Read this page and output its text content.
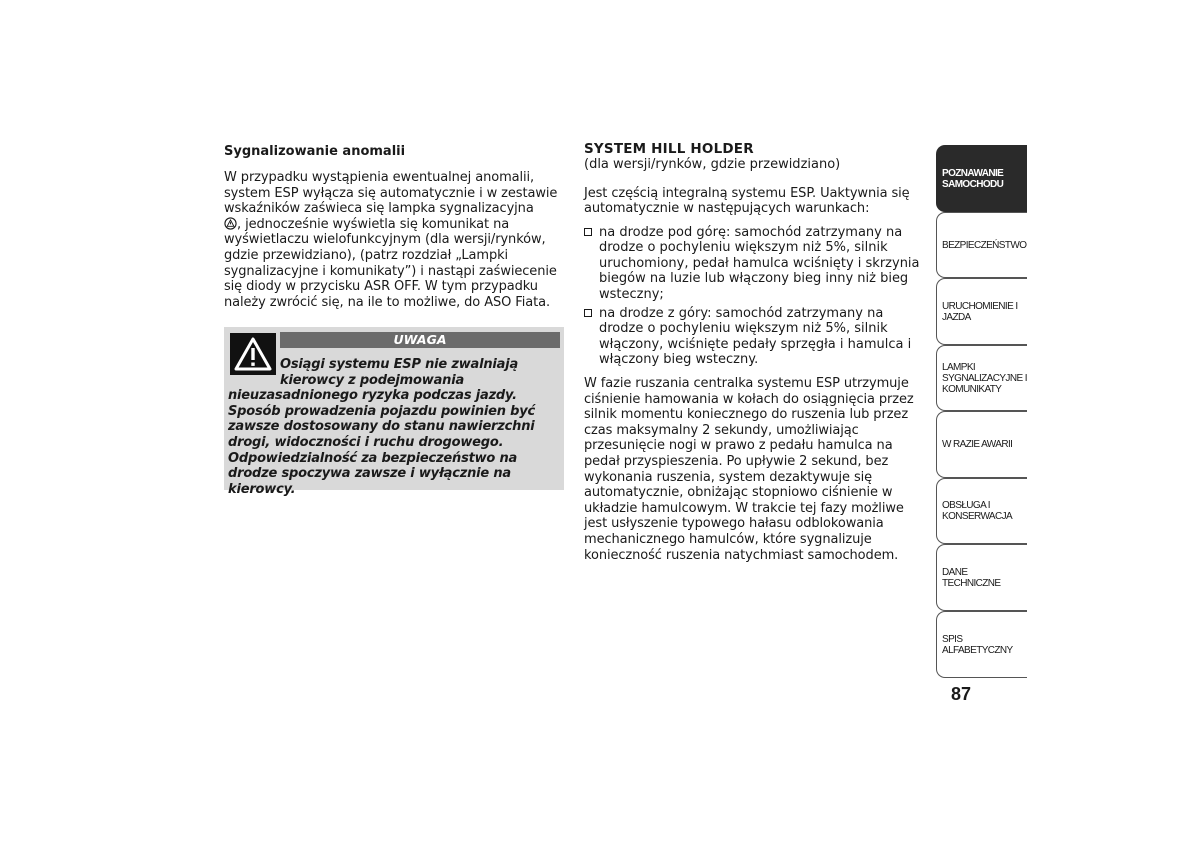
Sygnalizowanie anomalii

W przypadku wystąpienia ewentualnej anomalii, system ESP wyłącza się automatycznie i w zestawie wskaźników zaświeca się lampka sygnalizacyjna
, jednocześnie wyświetla się komunikat na wyświetlaczu wielofunkcyjnym (dla wersji/rynków, gdzie przewidziano), (patrz rozdział „Lampki sygnalizacyjne i komunikaty”) i nastąpi zaświecenie się diody w przycisku ASR OFF. W tym przypadku należy zwrócić się, na ile to możliwe, do ASO Fiata.

UWAGA
Osiągi systemu ESP nie zwalniają
kierowcy z podejmowania
nieuzasadnionego ryzyka podczas jazdy. Sposób prowadzenia pojazdu powinien być zawsze dostosowany do stanu nawierzchni drogi, widoczności i ruchu drogowego. Odpowiedzialność za bezpieczeństwo na drodze spoczywa zawsze i wyłącznie na kierowcy.
SYSTEM HILL HOLDER
(dla wersji/rynków, gdzie przewidziano)

Jest częścią integralną systemu ESP. Uaktywnia się automatycznie w następujących warunkach:

na drodze pod górę: samochód zatrzymany na drodze o pochyleniu większym niż 5%, silnik uruchomiony, pedał hamulca wciśnięty i skrzynia biegów na luzie lub włączony bieg inny niż bieg wsteczny;
na drodze z góry: samochód zatrzymany na drodze o pochyleniu większym niż 5%, silnik włączony, wciśnięte pedały sprzęgła i hamulca i włączony bieg wsteczny.

W fazie ruszania centralka systemu ESP utrzymuje ciśnienie hamowania w kołach do osiągnięcia przez silnik momentu koniecznego do ruszenia lub przez czas maksymalny 2 sekundy, umożliwiając przesunięcie nogi w prawo z pedału hamulca na pedał przyspieszenia. Po upływie 2 sekund, bez wykonania ruszenia, system dezaktywuje się automatycznie, obniżając stopniowo ciśnienie w układzie hamulcowym. W trakcie tej fazy możliwe jest usłyszenie typowego hałasu odblokowania mechanicznego hamulców, które sygnalizuje konieczność ruszenia natychmiast samochodem.

POZNAWANIE
SAMOCHODU
BEZPIECZEŃSTWO
URUCHOMIENIE I
JAZDA
LAMPKI
SYGNALIZACYJNE I
KOMUNIKATY
W RAZIE AWARII
OBSŁUGA I
KONSERWACJA
DANE TECHNICZNE
SPIS ALFABETYCZNY
87
